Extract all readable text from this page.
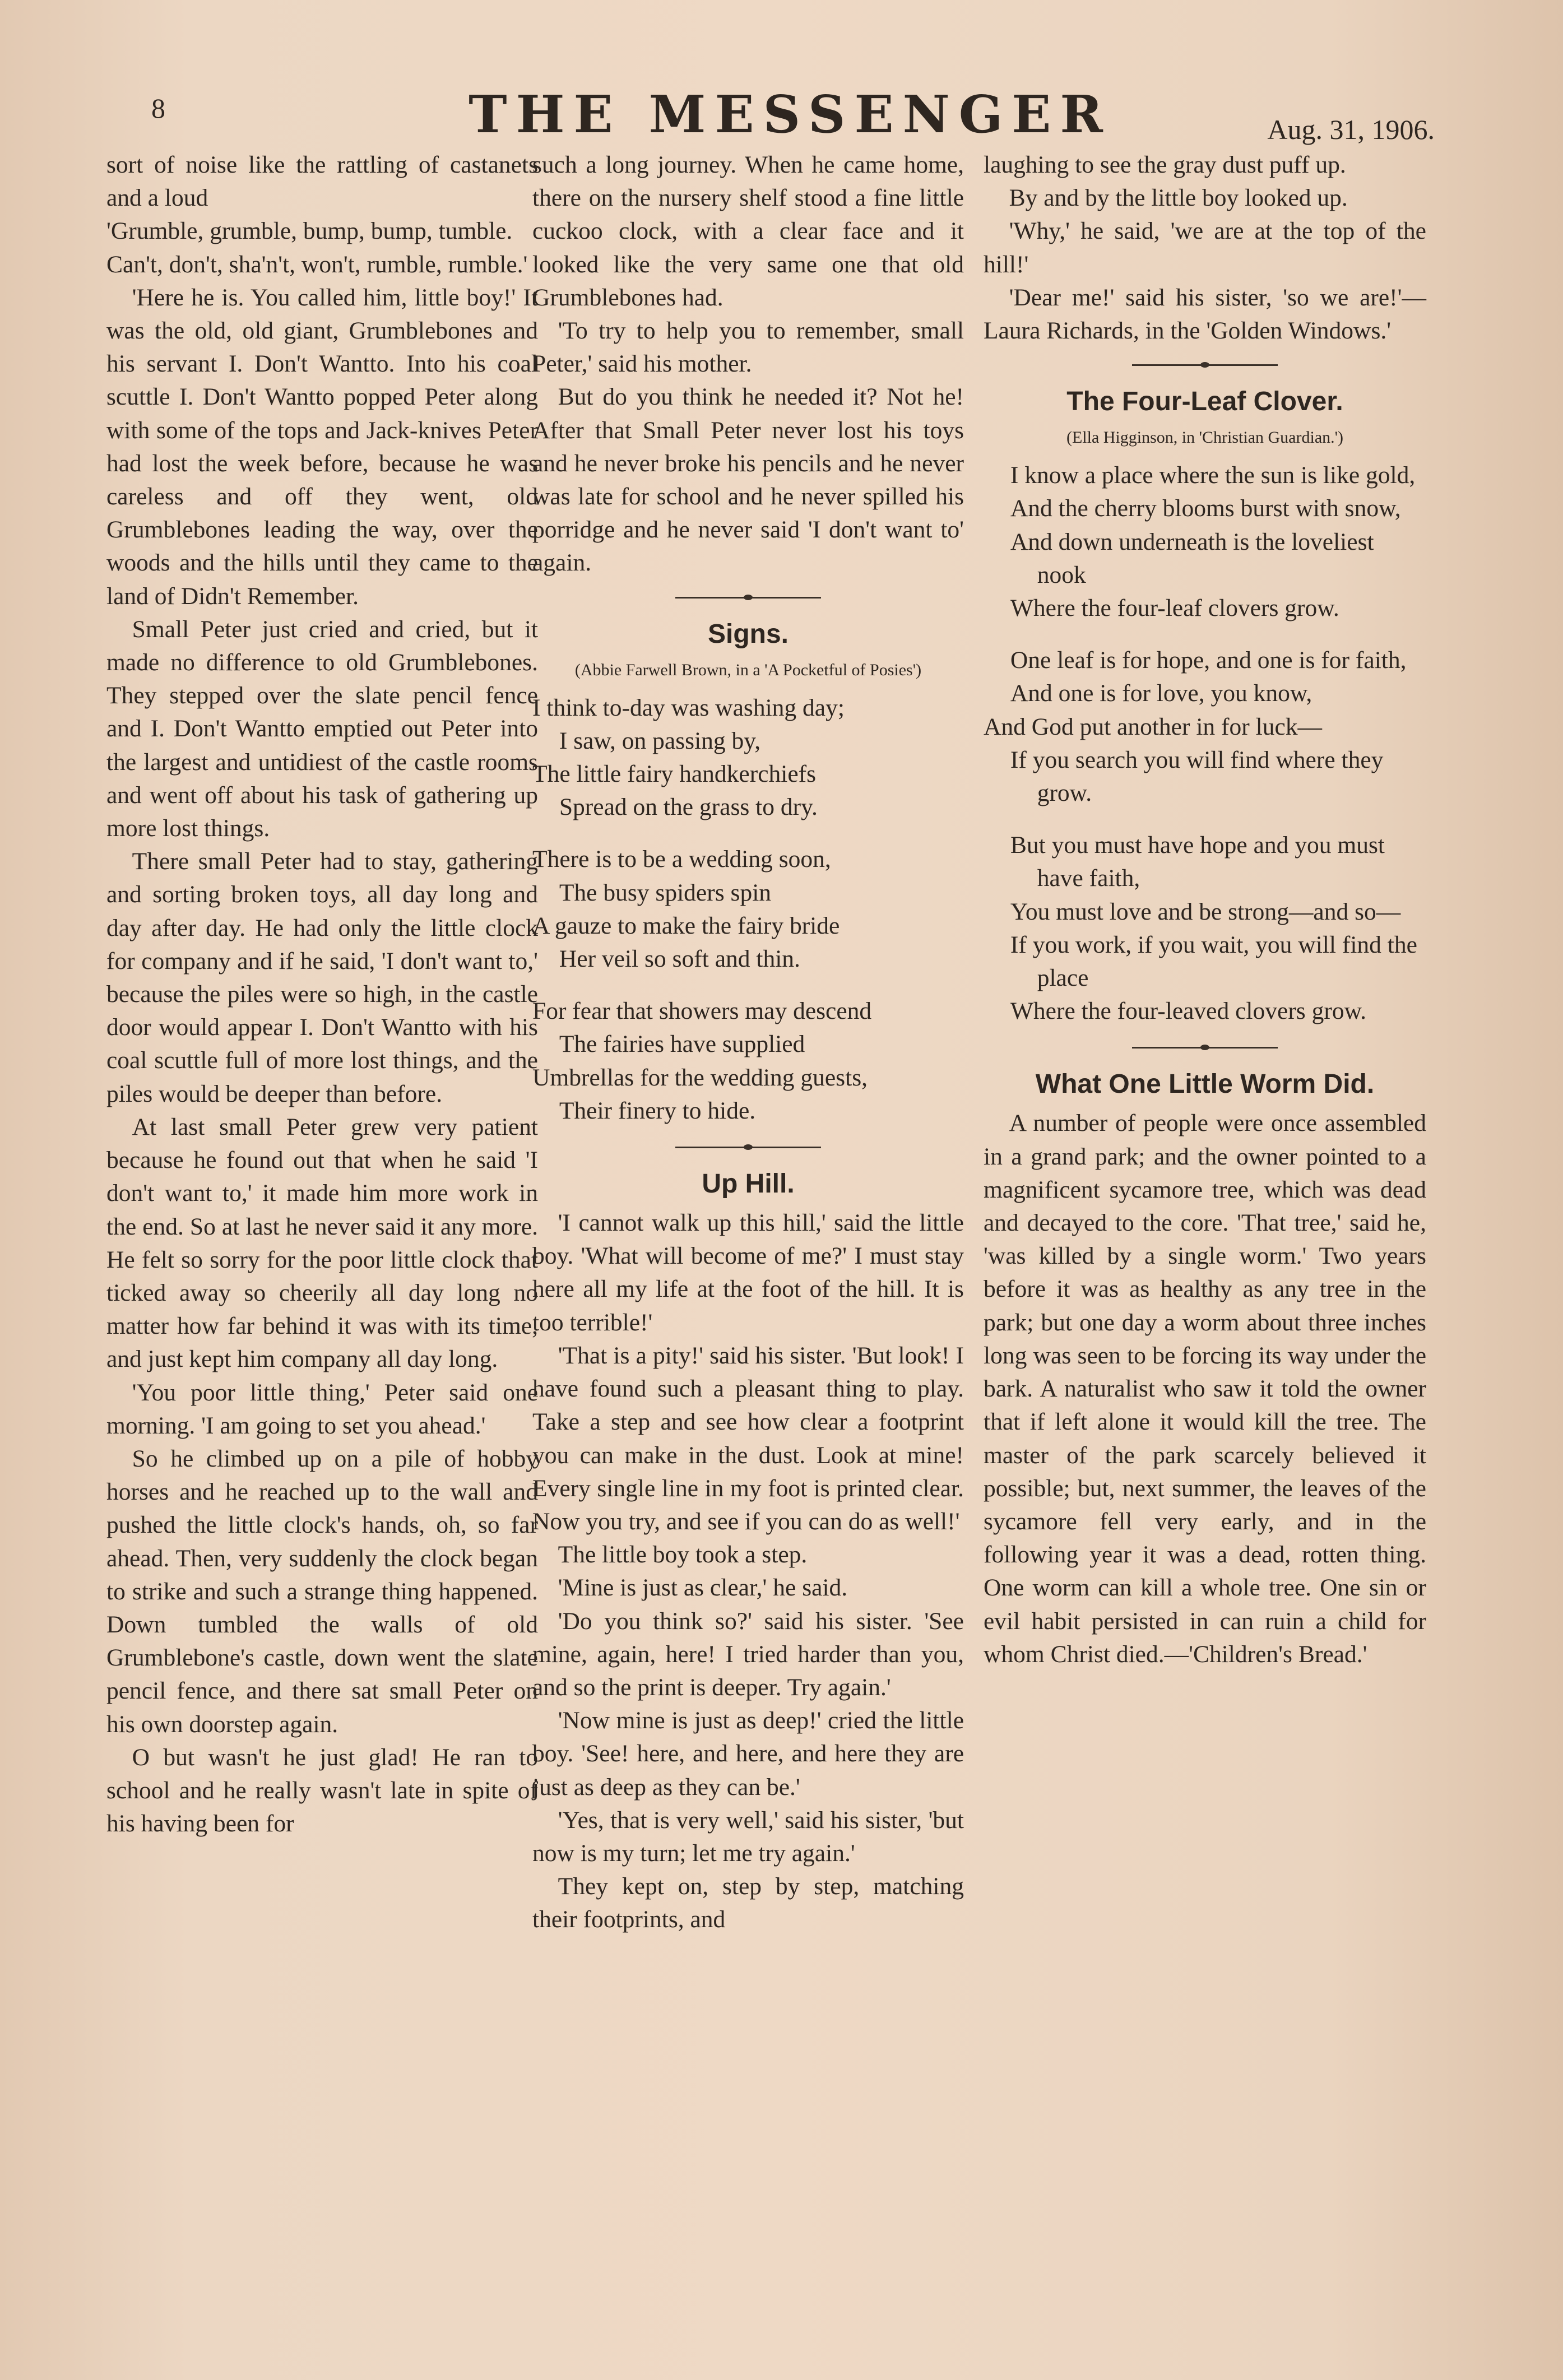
8	THE MESSENGER	Aug. 31, 1906.

sort of noise like the rattling of castanets and a loud

'Grumble, grumble, bump, bump, tumble.

Can't, don't, sha'n't, won't, rumble, rumble.'

'Here he is. You called him, little boy!' It was the old, old giant, Grumblebones and his servant I. Don't Wantto. Into his coal scuttle I. Don't Wantto popped Peter along with some of the tops and Jack-knives Peter had lost the week before, because he was careless and off they went, old Grumblebones leading the way, over the woods and the hills until they came to the land of Didn't Remember.

Small Peter just cried and cried, but it made no difference to old Grumblebones. They stepped over the slate pencil fence and I. Don't Wantto emptied out Peter into the largest and untidiest of the castle rooms and went off about his task of gathering up more lost things.

There small Peter had to stay, gathering and sorting broken toys, all day long and day after day. He had only the little clock for company and if he said, 'I don't want to,' because the piles were so high, in the castle door would appear I. Don't Wantto with his coal scuttle full of more lost things, and the piles would be deeper than before.

At last small Peter grew very patient because he found out that when he said 'I don't want to,' it made him more work in the end. So at last he never said it any more. He felt so sorry for the poor little clock that ticked away so cheerily all day long no matter how far behind it was with its time, and just kept him company all day long.

'You poor little thing,' Peter said one morning. 'I am going to set you ahead.'

So he climbed up on a pile of hobby horses and he reached up to the wall and pushed the little clock's hands, oh, so far ahead. Then, very suddenly the clock began to strike and such a strange thing happened. Down tumbled the walls of old Grumblebone's castle, down went the slate pencil fence, and there sat small Peter on his own doorstep again.

O but wasn't he just glad! He ran to school and he really wasn't late in spite of his having been for

such a long journey. When he came home, there on the nursery shelf stood a fine little cuckoo clock, with a clear face and it looked like the very same one that old Grumblebones had.

'To try to help you to remember, small Peter,' said his mother.

But do you think he needed it? Not he! After that Small Peter never lost his toys and he never broke his pencils and he never was late for school and he never spilled his porridge and he never said 'I don't want to' again.

Signs.
(Abbie Farwell Brown, in a 'A Pocketful of Posies')
I think to-day was washing day;
I saw, on passing by,
The little fairy handkerchiefs
Spread on the grass to dry.
There is to be a wedding soon,
The busy spiders spin
A gauze to make the fairy bride
Her veil so soft and thin.
For fear that showers may descend
The fairies have supplied
Umbrellas for the wedding guests,
Their finery to hide.
Up Hill.

'I cannot walk up this hill,' said the little boy. 'What will become of me?' I must stay here all my life at the foot of the hill. It is too terrible!'

'That is a pity!' said his sister. 'But look! I have found such a pleasant thing to play. Take a step and see how clear a footprint you can make in the dust. Look at mine! Every single line in my foot is printed clear. Now you try, and see if you can do as well!'

The little boy took a step.

'Mine is just as clear,' he said.

'Do you think so?' said his sister. 'See mine, again, here! I tried harder than you, and so the print is deeper. Try again.'

'Now mine is just as deep!' cried the little boy. 'See! here, and here, and here they are just as deep as they can be.'

'Yes, that is very well,' said his sister, 'but now is my turn; let me try again.'

They kept on, step by step, matching their footprints, and

laughing to see the gray dust puff up.

By and by the little boy looked up.

'Why,' he said, 'we are at the top of the hill!'

'Dear me!' said his sister, 'so we are!'—Laura Richards, in the 'Golden Windows.'

The Four-Leaf Clover.
(Ella Higginson, in 'Christian Guardian.')
I know a place where the sun is like gold,
And the cherry blooms burst with snow,
And down underneath is the loveliest nook
Where the four-leaf clovers grow.
One leaf is for hope, and one is for faith,
And one is for love, you know,
And God put another in for luck—
If you search you will find where they grow.
But you must have hope and you must have faith,
You must love and be strong—and so—
If you work, if you wait, you will find the place
Where the four-leaved clovers grow.
What One Little Worm Did.

A number of people were once assembled in a grand park; and the owner pointed to a magnificent sycamore tree, which was dead and decayed to the core. 'That tree,' said he, 'was killed by a single worm.' Two years before it was as healthy as any tree in the park; but one day a worm about three inches long was seen to be forcing its way under the bark. A naturalist who saw it told the owner that if left alone it would kill the tree. The master of the park scarcely believed it possible; but, next summer, the leaves of the sycamore fell very early, and in the following year it was a dead, rotten thing. One worm can kill a whole tree. One sin or evil habit persisted in can ruin a child for whom Christ died.—'Children's Bread.'
